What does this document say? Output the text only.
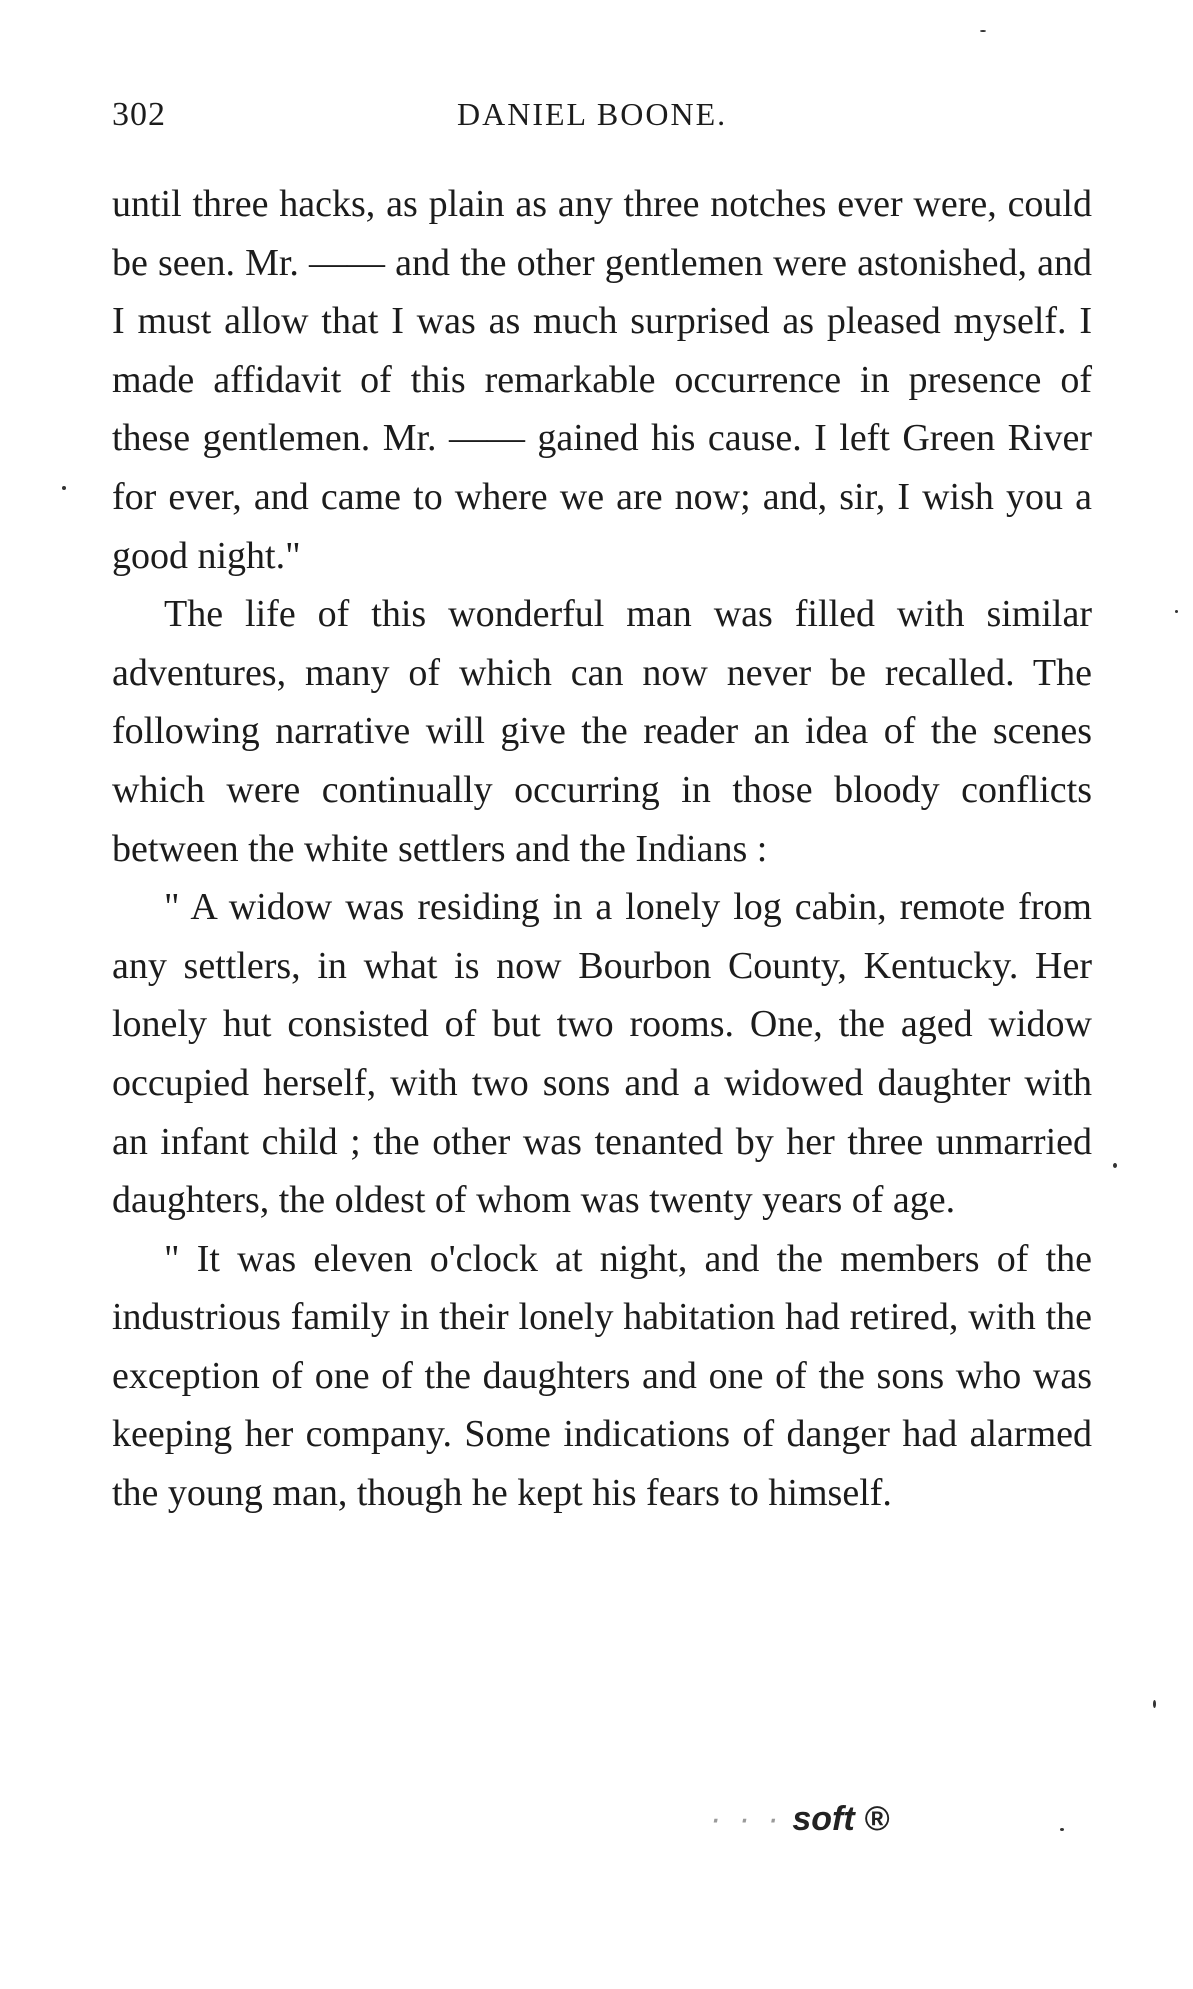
302	DANIEL BOONE.

until three hacks, as plain as any three notches ever were, could be seen. Mr. —— and the other gentlemen were astonished, and I must allow that I was as much surprised as pleased myself. I made affidavit of this remarkable occurrence in presence of these gentlemen. Mr. —— gained his cause. I left Green River for ever, and came to where we are now; and, sir, I wish you a good night."

The life of this wonderful man was filled with similar adventures, many of which can now never be recalled. The following narrative will give the reader an idea of the scenes which were continually occurring in those bloody conflicts between the white settlers and the Indians :

" A widow was residing in a lonely log cabin, remote from any settlers, in what is now Bourbon County, Kentucky. Her lonely hut consisted of but two rooms. One, the aged widow occupied herself, with two sons and a widowed daughter with an infant child ; the other was tenanted by her three unmarried daughters, the oldest of whom was twenty years of age.

" It was eleven o'clock at night, and the members of the industrious family in their lonely habitation had retired, with the exception of one of the daughters and one of the sons who was keeping her company. Some indications of danger had alarmed the young man, though he kept his fears to himself.

· · · soft ®
